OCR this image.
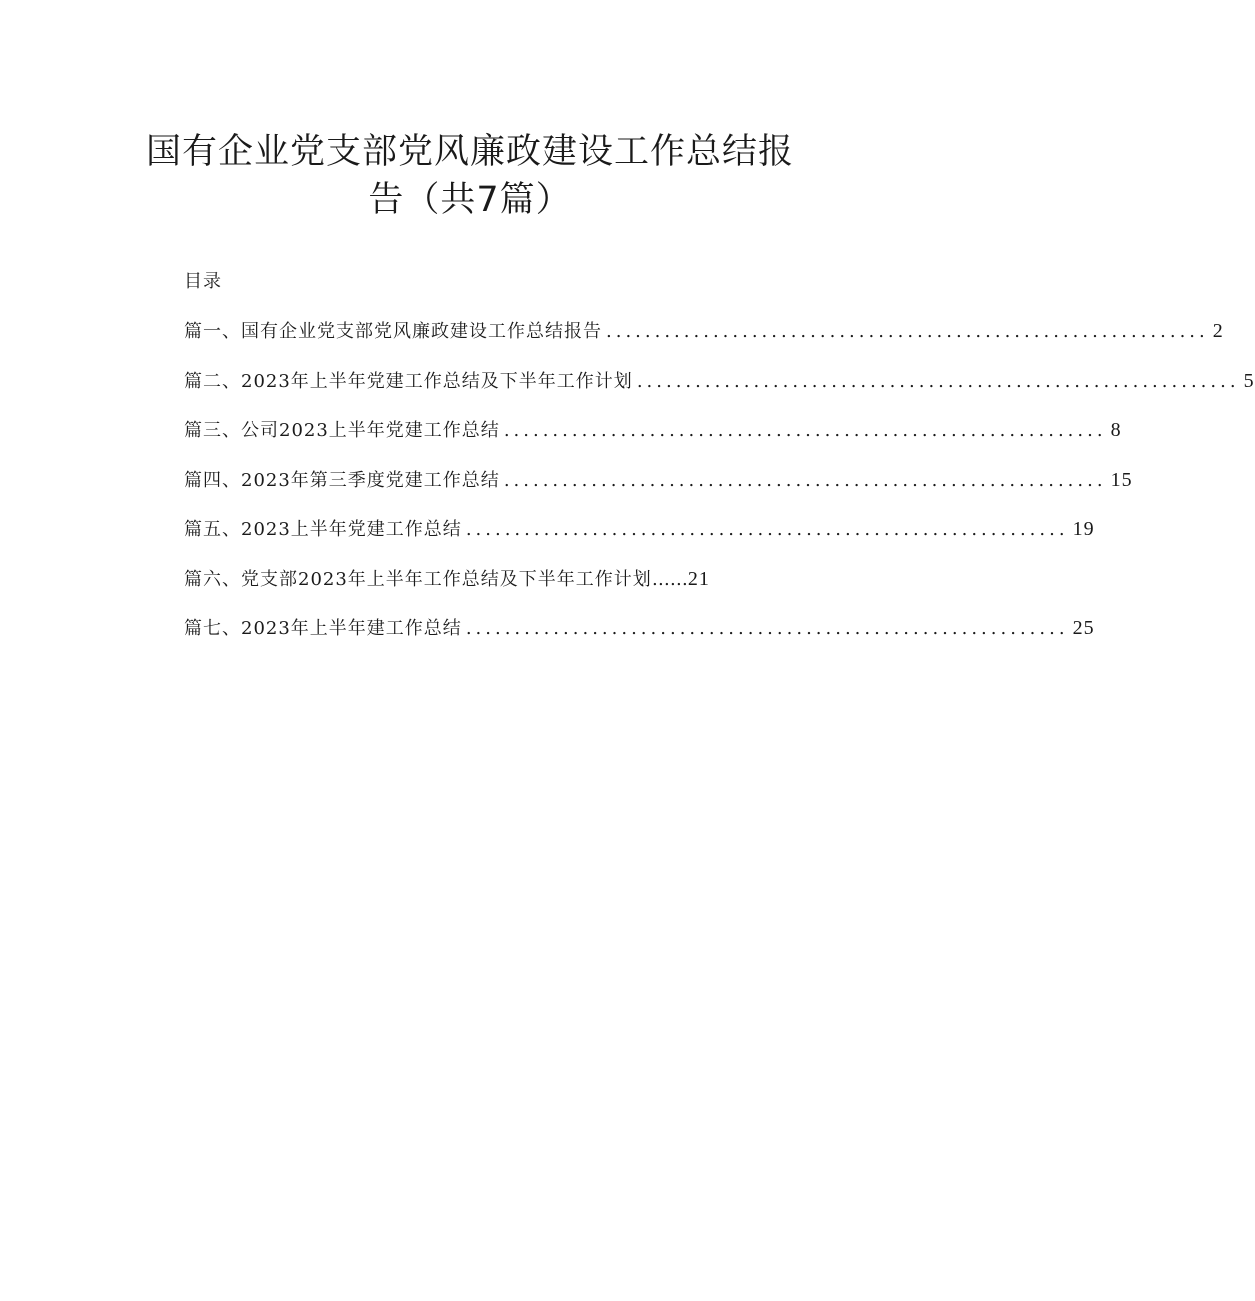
国有企业党支部党风廉政建设工作总结报告（共7篇）
目录
篇一、国有企业党支部党风廉政建设工作总结报告 .............................................................. 2
篇二、2023年上半年党建工作总结及下半年工作计划 .............................................................. 5
篇三、公司2023上半年党建工作总结 .............................................................. 8
篇四、2023年第三季度党建工作总结 .............................................................. 15
篇五、2023上半年党建工作总结 .............................................................. 19
篇六、党支部2023年上半年工作总结及下半年工作计划 …… 21
篇七、2023年上半年建工作总结 .............................................................. 25
